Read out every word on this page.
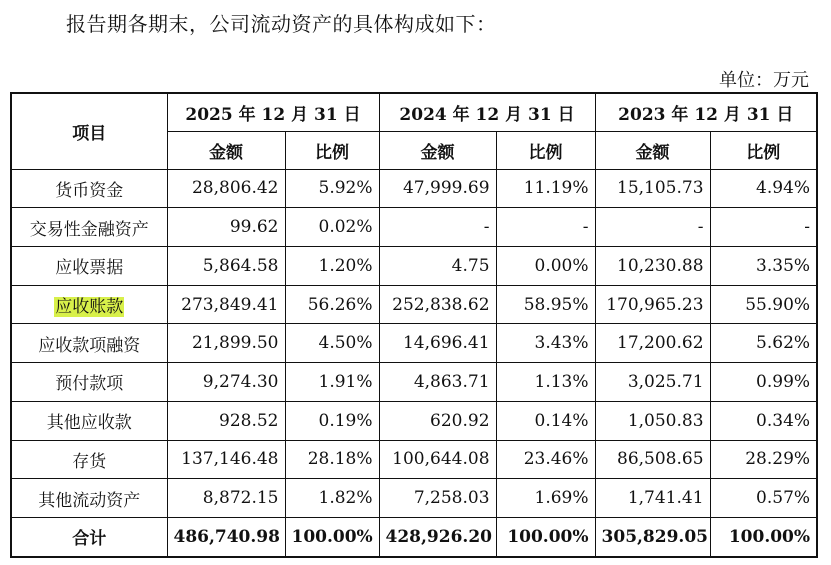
报告期各期末，公司流动资产的具体构成如下：
单位：万元
项目	2025 年 12 月 31 日		2024 年 12 月 31 日		2023 年 12 月 31 日	
	金额	比例	金额	比例	金额	比例
货币资金	28,806.42	5.92%	47,999.69	11.19%	15,105.73	4.94%
交易性金融资产	99.62	0.02%	-	-	-	-
应收票据	5,864.58	1.20%	4.75	0.00%	10,230.88	3.35%
应收账款	273,849.41	56.26%	252,838.62	58.95%	170,965.23	55.90%
应收款项融资	21,899.50	4.50%	14,696.41	3.43%	17,200.62	5.62%
预付款项	9,274.30	1.91%	4,863.71	1.13%	3,025.71	0.99%
其他应收款	928.52	0.19%	620.92	0.14%	1,050.83	0.34%
存货	137,146.48	28.18%	100,644.08	23.46%	86,508.65	28.29%
其他流动资产	8,872.15	1.82%	7,258.03	1.69%	1,741.41	0.57%
合计	486,740.98	100.00%	428,926.20	100.00%	305,829.05	100.00%
